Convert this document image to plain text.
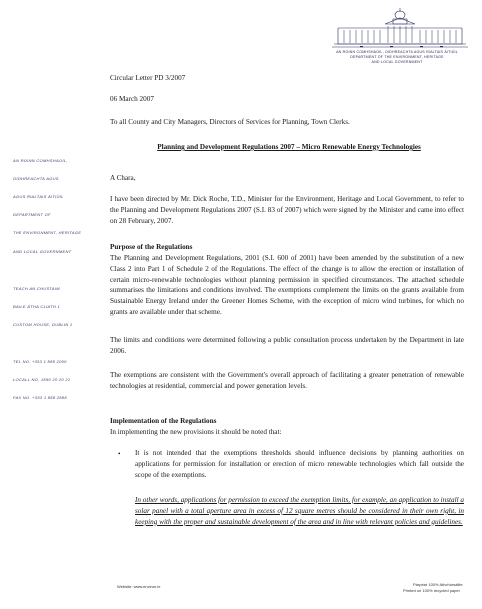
AN ROINN COMHSHAOIL, OIDHREACHTA AGUS RIALTAIS ÁITIÚIL
DEPARTMENT OF THE ENVIRONMENT, HERITAGE
AND LOCAL GOVERNMENT
AN ROINN COMHSHAOIL,
OIDHREACHTA AGUS
AGUS RIALTAIS ÁITIÚIL
DEPARTMENT OF
THE ENVIRONMENT, HERITAGE
AND LOCAL GOVERNMENT
TEACH AN CHUSTAIM
BAILE ÁTHA CLIATH 1
CUSTOM HOUSE, DUBLIN 1
TEL NO. +353 1 888 2000
LOCALL NO. 1890 20 20 21
FAX NO. +353 1 888 2888

Circular Letter PD 3/2007

06 March 2007

To all County and City Managers, Directors of Services for Planning, Town Clerks.

Planning and Development Regulations 2007 – Micro Renewable Energy Technologies

A Chara,

I have been directed by Mr. Dick Roche, T.D., Minister for the Environment, Heritage and Local Government, to refer to the Planning and Development Regulations 2007 (S.I. 83 of 2007) which were signed by the Minister and came into effect on 28 February, 2007.

Purpose of the Regulations

The Planning and Development Regulations, 2001 (S.I. 600 of 2001) have been amended by the substitution of a new Class 2 into Part 1 of Schedule 2 of the Regulations. The effect of the change is to allow the erection or installation of certain micro-renewable technologies without planning permission in specified circumstances. The attached schedule summarises the limitations and conditions involved. The exemptions complement the limits on the grants available from Sustainable Energy Ireland under the Greener Homes Scheme, with the exception of micro wind turbines, for which no grants are available under that scheme.

The limits and conditions were determined following a public consultation process undertaken by the Department in late 2006.

The exemptions are consistent with the Government's overall approach of facilitating a greater penetration of renewable technologies at residential, commercial and power generation levels.

Implementation of the Regulations

In implementing the new provisions it should be noted that:

• It is not intended that the exemptions thresholds should influence decisions by planning authorities on applications for permission for installation or erection of micro renewable technologies which fall outside the scope of the exemptions.

In other words, applications for permission to exceed the exemption limits, for example, an application to install a solar panel with a total aperture area in excess of 12 square metres should be considered in their own right, in keeping with the proper and sustainable development of the area and in line with relevant policies and guidelines.

Website: www.environ.ie	Párpéar 100% Athchúrsáilte
Printed on 100% recycled paper
